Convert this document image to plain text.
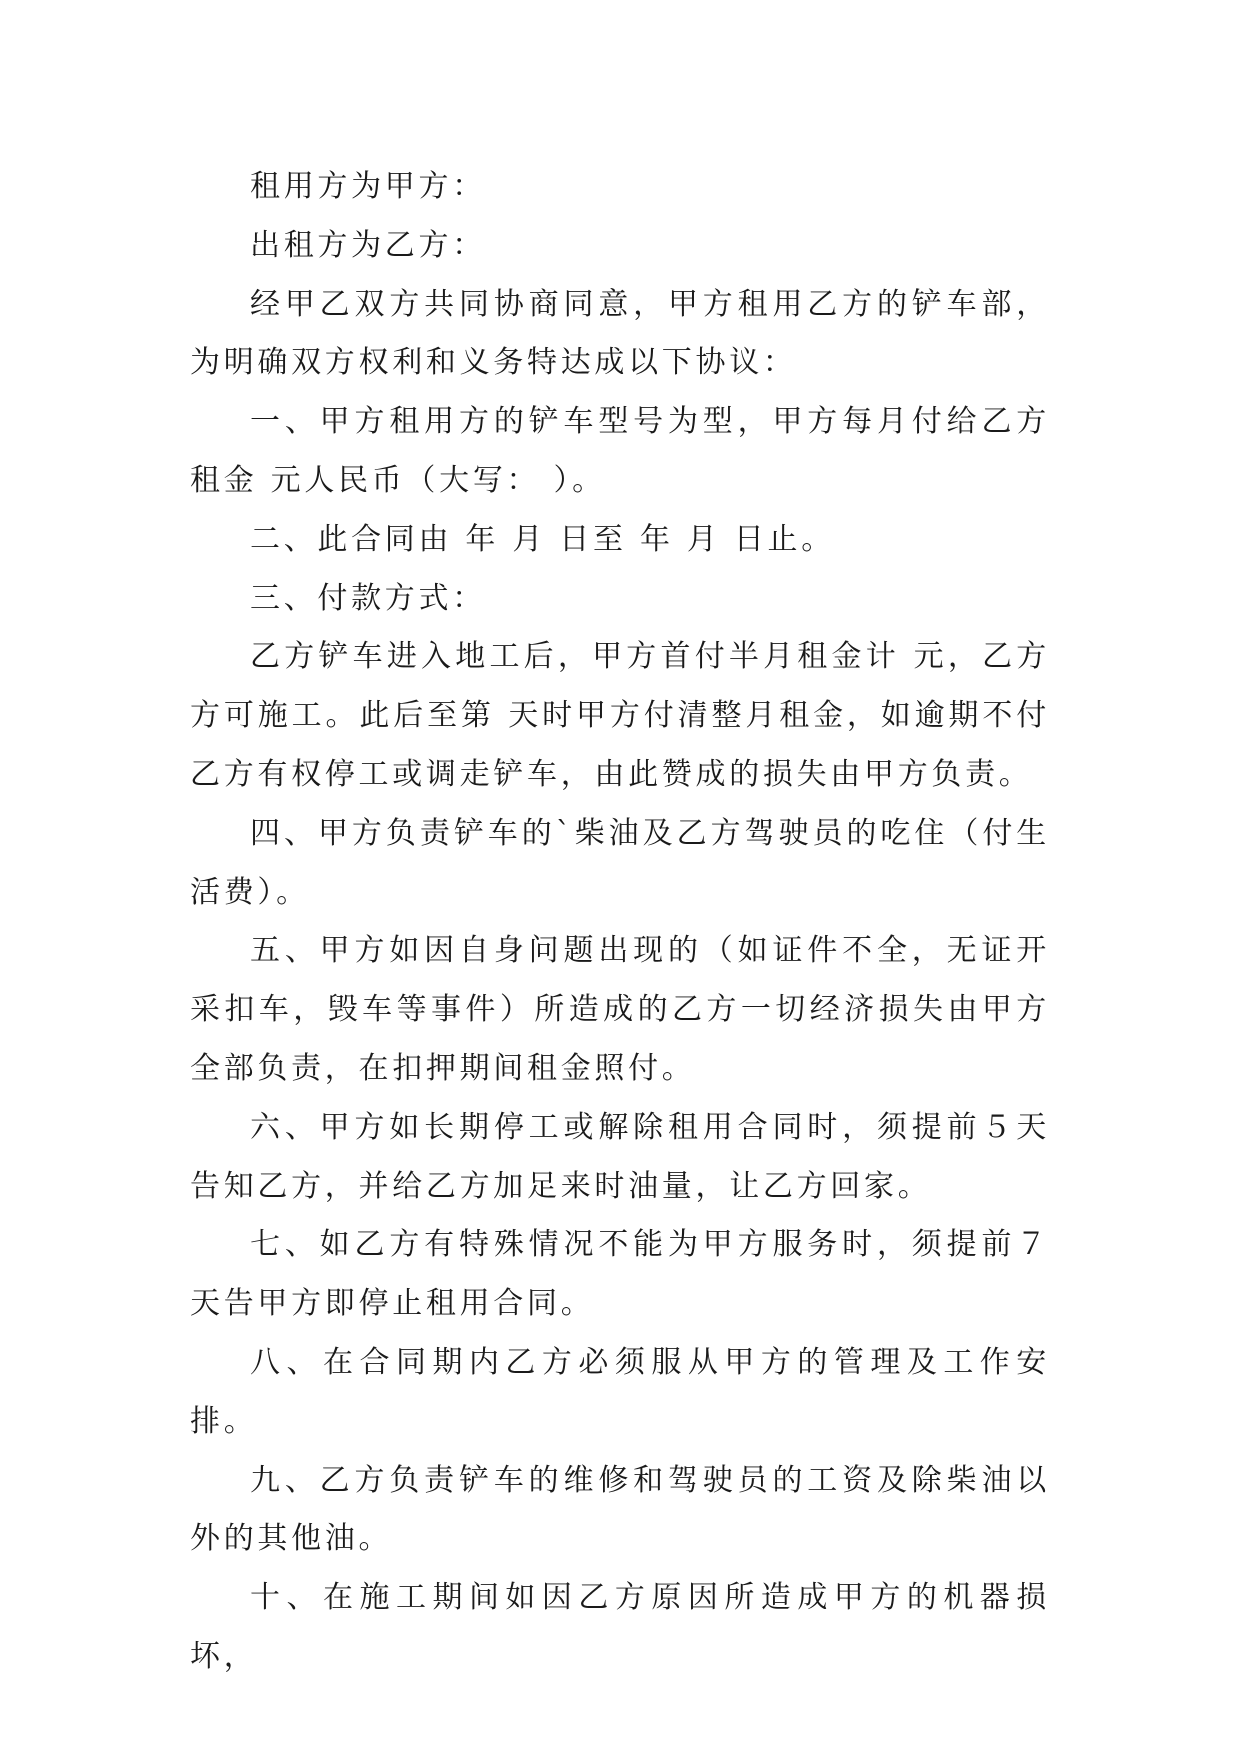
租用方为甲方：

出租方为乙方：

经甲乙双方共同协商同意，甲方租用乙方的铲车部，为明确双方权利和义务特达成以下协议：

一、甲方租用方的铲车型号为型，甲方每月付给乙方租金 元人民币（大写： ）。

二、此合同由 年 月 日至 年 月 日止。

三、付款方式：

乙方铲车进入地工后，甲方首付半月租金计 元，乙方方可施工。此后至第 天时甲方付清整月租金，如逾期不付乙方有权停工或调走铲车，由此赞成的损失由甲方负责。

四、甲方负责铲车的`柴油及乙方驾驶员的吃住（付生活费）。

五、甲方如因自身问题出现的（如证件不全，无证开采扣车，毁车等事件）所造成的乙方一切经济损失由甲方全部负责，在扣押期间租金照付。

六、甲方如长期停工或解除租用合同时，须提前５天告知乙方，并给乙方加足来时油量，让乙方回家。

七、如乙方有特殊情况不能为甲方服务时，须提前７天告甲方即停止租用合同。

八、在合同期内乙方必须服从甲方的管理及工作安排。

九、乙方负责铲车的维修和驾驶员的工资及除柴油以外的其他油。

十、在施工期间如因乙方原因所造成甲方的机器损坏，
